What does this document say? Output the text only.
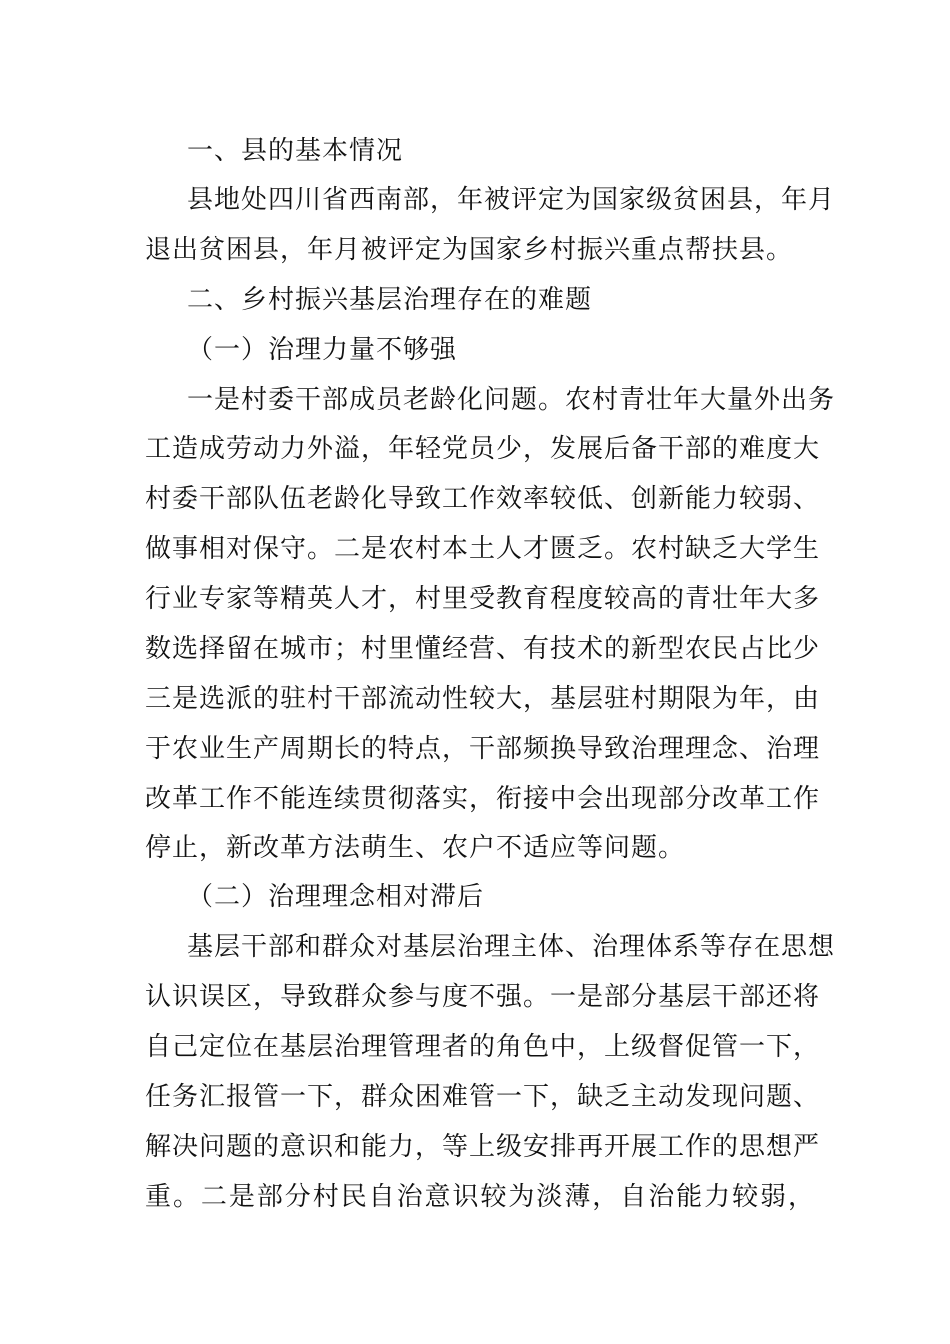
一、县的基本情况
县地处四川省西南部，年被评定为国家级贫困县，年月
退出贫困县，年月被评定为国家乡村振兴重点帮扶县。
二、乡村振兴基层治理存在的难题
（一）治理力量不够强
一是村委干部成员老龄化问题。农村青壮年大量外出务
工造成劳动力外溢，年轻党员少，发展后备干部的难度大
村委干部队伍老龄化导致工作效率较低、创新能力较弱、
做事相对保守。二是农村本土人才匮乏。农村缺乏大学生
行业专家等精英人才，村里受教育程度较高的青壮年大多
数选择留在城市；村里懂经营、有技术的新型农民占比少
三是选派的驻村干部流动性较大，基层驻村期限为年，由
于农业生产周期长的特点，干部频换导致治理理念、治理
改革工作不能连续贯彻落实，衔接中会出现部分改革工作
停止，新改革方法萌生、农户不适应等问题。
（二）治理理念相对滞后
基层干部和群众对基层治理主体、治理体系等存在思想
认识误区，导致群众参与度不强。一是部分基层干部还将
自己定位在基层治理管理者的角色中，上级督促管一下，
任务汇报管一下，群众困难管一下，缺乏主动发现问题、
解决问题的意识和能力，等上级安排再开展工作的思想严
重。二是部分村民自治意识较为淡薄，自治能力较弱，
